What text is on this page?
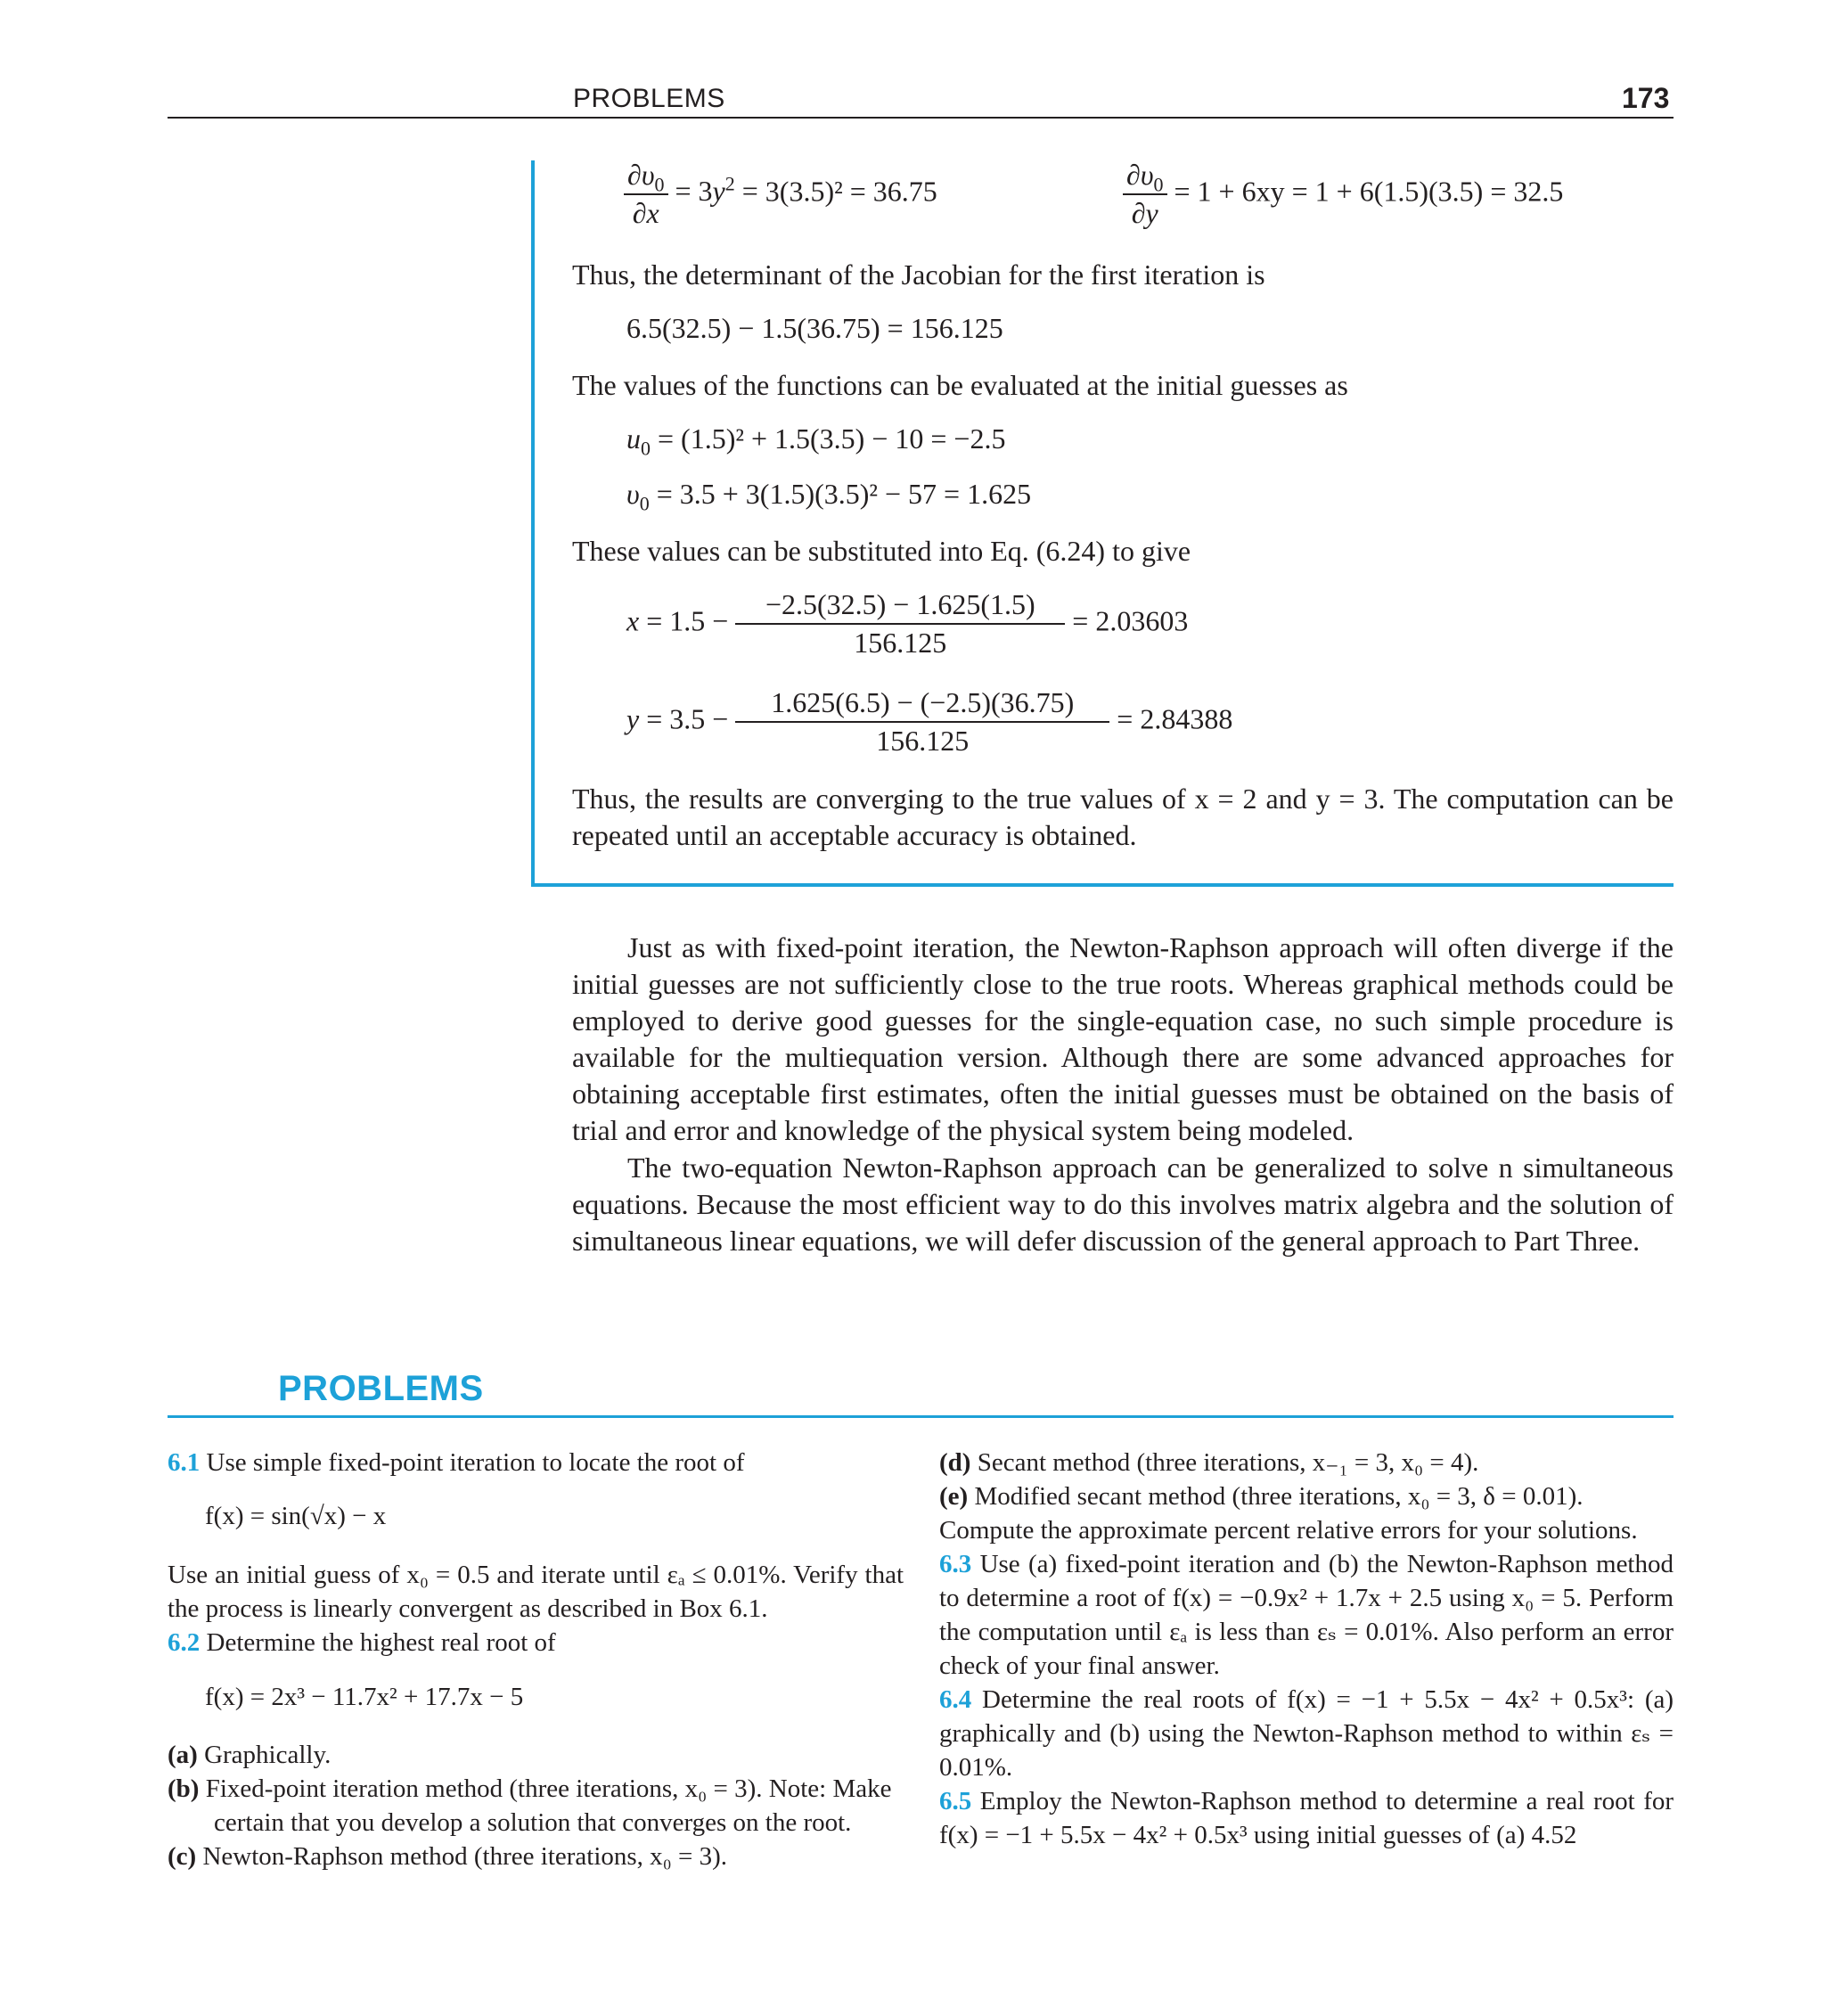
PROBLEMS	173
$\frac{\partial\upsilon_0}{\partial x} = 3y^2 = 3(3.5)^2 = 36.75$	$\frac{\partial\upsilon_0}{\partial y} = 1 + 6xy = 1 + 6(1.5)(3.5) = 32.5$
Thus, the determinant of the Jacobian for the first iteration is
6.5(32.5) − 1.5(36.75) = 156.125
The values of the functions can be evaluated at the initial guesses as
$u_0 = (1.5)^2 + 1.5(3.5) - 10 = -2.5$
$\upsilon_0 = 3.5 + 3(1.5)(3.5)^2 - 57 = 1.625$
These values can be substituted into Eq. (6.24) to give
$x = 1.5 - \frac{-2.5(32.5) - 1.625(1.5)}{156.125} = 2.03603$
$y = 3.5 - \frac{1.625(6.5) - (-2.5)(36.75)}{156.125} = 2.84388$
Thus, the results are converging to the true values of x = 2 and y = 3. The computation can be repeated until an acceptable accuracy is obtained.
Just as with fixed-point iteration, the Newton-Raphson approach will often diverge if the initial guesses are not sufficiently close to the true roots. Whereas graphical methods could be employed to derive good guesses for the single-equation case, no such simple procedure is available for the multiequation version. Although there are some advanced approaches for obtaining acceptable first estimates, often the initial guesses must be obtained on the basis of trial and error and knowledge of the physical system being modeled.
The two-equation Newton-Raphson approach can be generalized to solve n simultaneous equations. Because the most efficient way to do this involves matrix algebra and the solution of simultaneous linear equations, we will defer discussion of the general approach to Part Three.
PROBLEMS
6.1 Use simple fixed-point iteration to locate the root of
f(x) = sin(√x) − x
Use an initial guess of x₀ = 0.5 and iterate until εₐ ≤ 0.01%. Verify that the process is linearly convergent as described in Box 6.1.
6.2 Determine the highest real root of
f(x) = 2x³ − 11.7x² + 17.7x − 5
(a) Graphically.
(b) Fixed-point iteration method (three iterations, x₀ = 3). Note: Make certain that you develop a solution that converges on the root.
(c) Newton-Raphson method (three iterations, x₀ = 3).
(d) Secant method (three iterations, x₋₁ = 3, x₀ = 4).
(e) Modified secant method (three iterations, x₀ = 3, δ = 0.01).
Compute the approximate percent relative errors for your solutions.
6.3 Use (a) fixed-point iteration and (b) the Newton-Raphson method to determine a root of f(x) = −0.9x² + 1.7x + 2.5 using x₀ = 5. Perform the computation until εₐ is less than εₛ = 0.01%. Also perform an error check of your final answer.
6.4 Determine the real roots of f(x) = −1 + 5.5x − 4x² + 0.5x³: (a) graphically and (b) using the Newton-Raphson method to within εₛ = 0.01%.
6.5 Employ the Newton-Raphson method to determine a real root for f(x) = −1 + 5.5x − 4x² + 0.5x³ using initial guesses of (a) 4.52
